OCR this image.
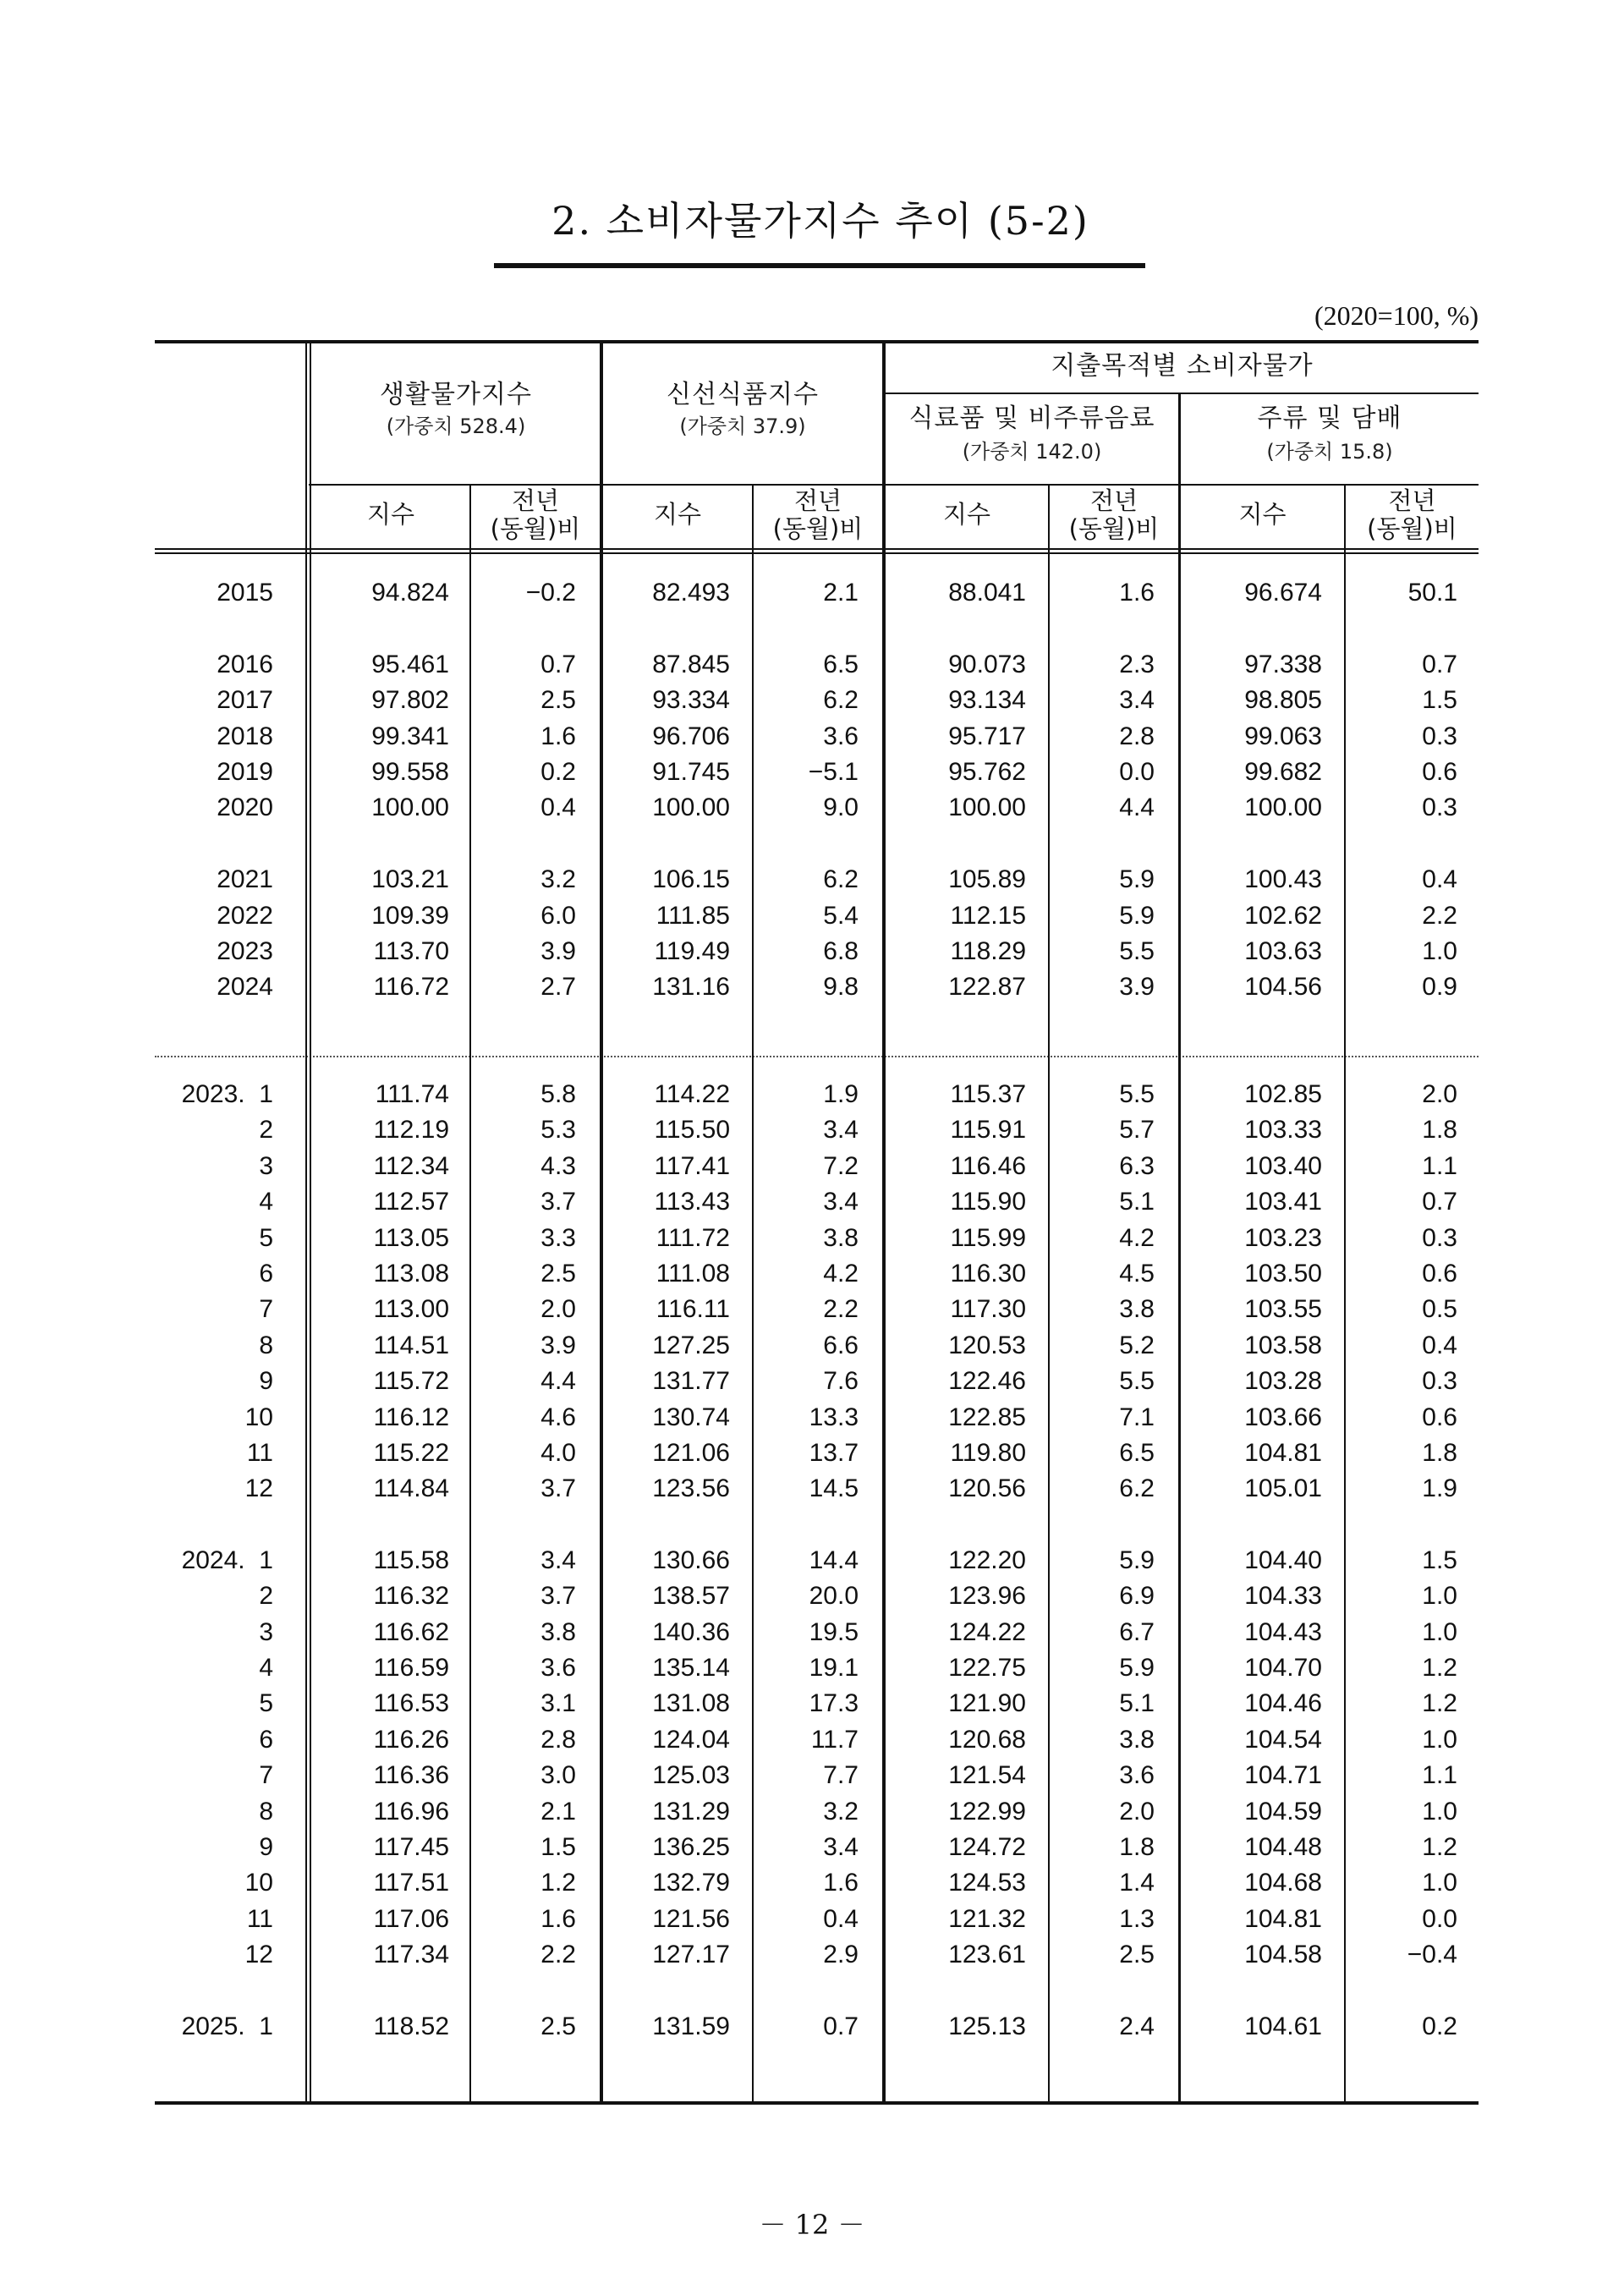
2. 소비자물가지수 추이 (5-2)
(2020=100, %)
생활물가지수
(가중치 528.4)
신선식품지수
(가중치 37.9)
지출목적별 소비자물가
식료품 및 비주류음료
(가중치 142.0)
주류 및 담배
(가중치 15.8)
지수	전년
(동월)비
지수	전년
(동월)비
지수	전년
(동월)비
지수	전년
(동월)비
2015	94.824	−0.2	82.493	2.1	88.041	1.6	96.674	50.1
2016	95.461	0.7	87.845	6.5	90.073	2.3	97.338	0.7
2017	97.802	2.5	93.334	6.2	93.134	3.4	98.805	1.5
2018	99.341	1.6	96.706	3.6	95.717	2.8	99.063	0.3
2019	99.558	0.2	91.745	−5.1	95.762	0.0	99.682	0.6
2020	100.00	0.4	100.00	9.0	100.00	4.4	100.00	0.3
2021	103.21	3.2	106.15	6.2	105.89	5.9	100.43	0.4
2022	109.39	6.0	111.85	5.4	112.15	5.9	102.62	2.2
2023	113.70	3.9	119.49	6.8	118.29	5.5	103.63	1.0
2024	116.72	2.7	131.16	9.8	122.87	3.9	104.56	0.9
2023.  1	111.74	5.8	114.22	1.9	115.37	5.5	102.85	2.0
2	112.19	5.3	115.50	3.4	115.91	5.7	103.33	1.8
3	112.34	4.3	117.41	7.2	116.46	6.3	103.40	1.1
4	112.57	3.7	113.43	3.4	115.90	5.1	103.41	0.7
5	113.05	3.3	111.72	3.8	115.99	4.2	103.23	0.3
6	113.08	2.5	111.08	4.2	116.30	4.5	103.50	0.6
7	113.00	2.0	116.11	2.2	117.30	3.8	103.55	0.5
8	114.51	3.9	127.25	6.6	120.53	5.2	103.58	0.4
9	115.72	4.4	131.77	7.6	122.46	5.5	103.28	0.3
10	116.12	4.6	130.74	13.3	122.85	7.1	103.66	0.6
11	115.22	4.0	121.06	13.7	119.80	6.5	104.81	1.8
12	114.84	3.7	123.56	14.5	120.56	6.2	105.01	1.9
2024.  1	115.58	3.4	130.66	14.4	122.20	5.9	104.40	1.5
2	116.32	3.7	138.57	20.0	123.96	6.9	104.33	1.0
3	116.62	3.8	140.36	19.5	124.22	6.7	104.43	1.0
4	116.59	3.6	135.14	19.1	122.75	5.9	104.70	1.2
5	116.53	3.1	131.08	17.3	121.90	5.1	104.46	1.2
6	116.26	2.8	124.04	11.7	120.68	3.8	104.54	1.0
7	116.36	3.0	125.03	7.7	121.54	3.6	104.71	1.1
8	116.96	2.1	131.29	3.2	122.99	2.0	104.59	1.0
9	117.45	1.5	136.25	3.4	124.72	1.8	104.48	1.2
10	117.51	1.2	132.79	1.6	124.53	1.4	104.68	1.0
11	117.06	1.6	121.56	0.4	121.32	1.3	104.81	0.0
12	117.34	2.2	127.17	2.9	123.61	2.5	104.58	−0.4
2025.  1	118.52	2.5	131.59	0.7	125.13	2.4	104.61	0.2
－ 12 －
